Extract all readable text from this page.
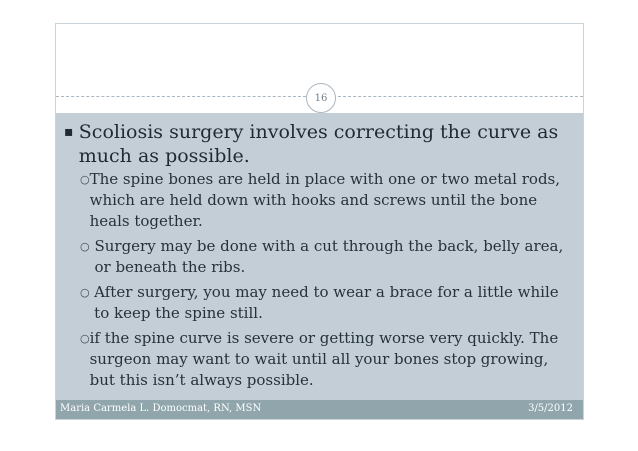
16
▪ Scoliosis surgery involves correcting the curve as much as possible.
○ The spine bones are held in place with one or two metal rods, which are held down with hooks and screws until the bone heals together.
○ Surgery may be done with a cut through the back, belly area, or beneath the ribs.
○ After surgery, you may need to wear a brace for a little while to keep the spine still.
○ if the spine curve is severe or getting worse very quickly. The surgeon may want to wait until all your bones stop growing, but this isn’t always possible.
Maria Carmela L. Domocmat, RN, MSN	3/5/2012
